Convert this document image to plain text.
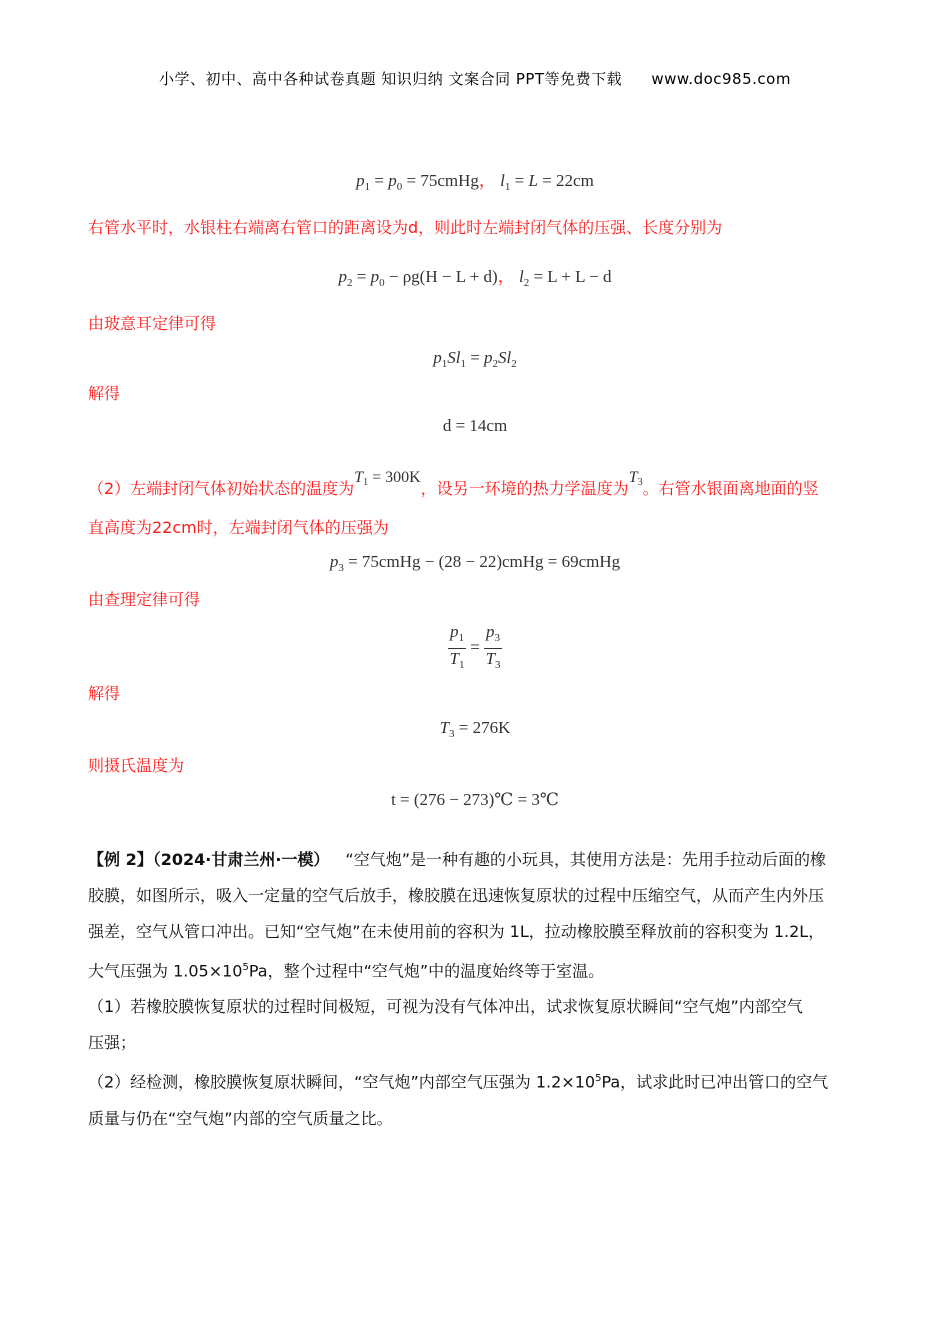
小学、初中、高中各种试卷真题 知识归纳 文案合同 PPT等免费下载 www.doc985.com
$p_1 = p_0$ = 75cmHg， $l_1 = L = 22cm$
右管水平时，水银柱右端离右管口的距离设为d，则此时左端封闭气体的压强、长度分别为
$p_2 = p_0 - \rho g(H - L + d)$， $l_2 = L + L - d$
由玻意耳定律可得
$p_1Sl_1 = p_2Sl_2$
解得
d = 14cm
（2）左端封闭气体初始状态的温度为T1 = 300K，设另一环境的热力学温度为T3。右管水银面离地面的竖
直高度为22cm时，左端封闭气体的压强为
$p_3$ = 75cmHg − (28 − 22)cmHg = 69cmHg
由查理定律可得
$\frac{p_1}{T_1} = \frac{p_3}{T_3}$
解得
$T_3 = 276K$
则摄氏温度为
t = (276 − 273)℃ = 3℃
【例 2】（2024·甘肃兰州·一模） “空气炮”是一种有趣的小玩具，其使用方法是：先用手拉动后面的橡
胶膜，如图所示，吸入一定量的空气后放手，橡胶膜在迅速恢复原状的过程中压缩空气，从而产生内外压
强差，空气从管口冲出。已知“空气炮”在未使用前的容积为 1L，拉动橡胶膜至释放前的容积变为 1.2L，
大气压强为 $1.05\times 10^5Pa$，整个过程中“空气炮”中的温度始终等于室温。
（1）若橡胶膜恢复原状的过程时间极短，可视为没有气体冲出，试求恢复原状瞬间“空气炮”内部空气
压强；
（2）经检测，橡胶膜恢复原状瞬间，“空气炮”内部空气压强为 $1.2\times 10^5Pa$，试求此时已冲出管口的空气
质量与仍在“空气炮”内部的空气质量之比。
